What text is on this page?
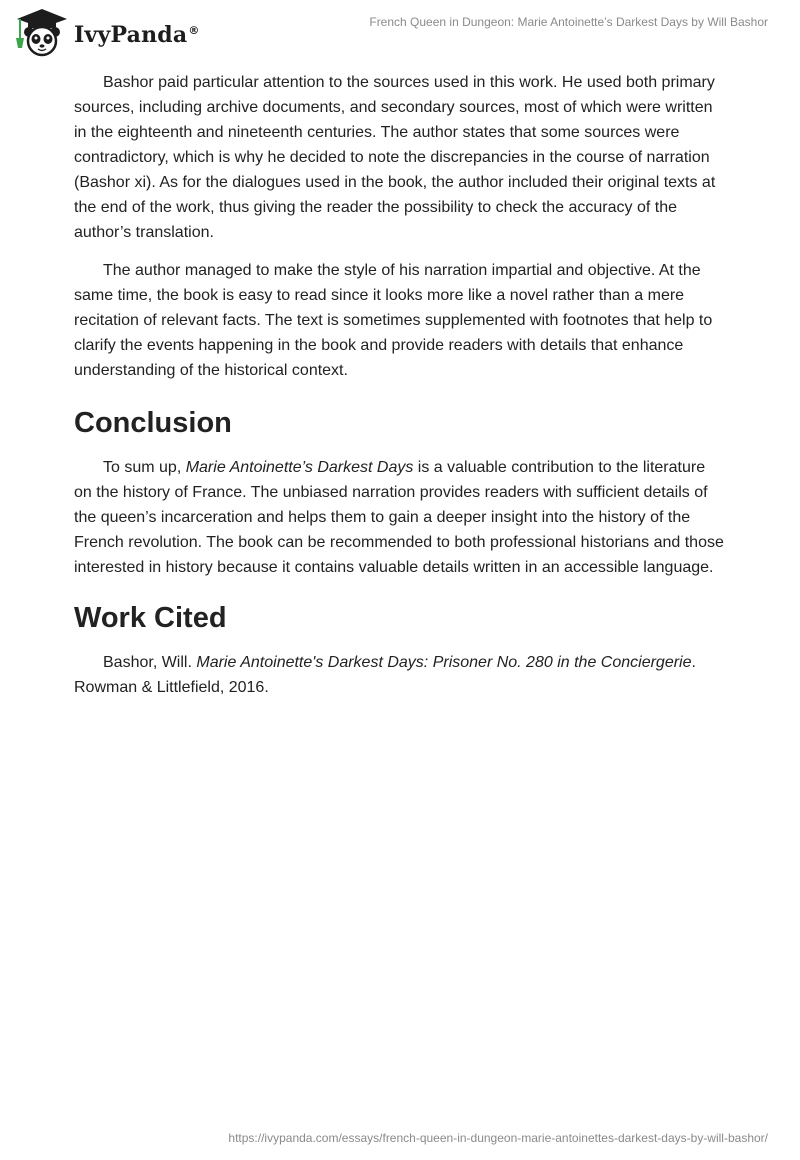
IvyPanda®
French Queen in Dungeon: Marie Antoinette’s Darkest Days by Will Bashor

Bashor paid particular attention to the sources used in this work. He used both primary sources, including archive documents, and secondary sources, most of which were written in the eighteenth and nineteenth centuries. The author states that some sources were contradictory, which is why he decided to note the discrepancies in the course of narration (Bashor xi). As for the dialogues used in the book, the author included their original texts at the end of the work, thus giving the reader the possibility to check the accuracy of the author’s translation.

The author managed to make the style of his narration impartial and objective. At the same time, the book is easy to read since it looks more like a novel rather than a mere recitation of relevant facts. The text is sometimes supplemented with footnotes that help to clarify the events happening in the book and provide readers with details that enhance understanding of the historical context.

Conclusion

To sum up, Marie Antoinette’s Darkest Days is a valuable contribution to the literature on the history of France. The unbiased narration provides readers with sufficient details of the queen’s incarceration and helps them to gain a deeper insight into the history of the French revolution. The book can be recommended to both professional historians and those interested in history because it contains valuable details written in an accessible language.

Work Cited

Bashor, Will. Marie Antoinette's Darkest Days: Prisoner No. 280 in the Conciergerie. Rowman & Littlefield, 2016.

https://ivypanda.com/essays/french-queen-in-dungeon-marie-antoinettes-darkest-days-by-will-bashor/
